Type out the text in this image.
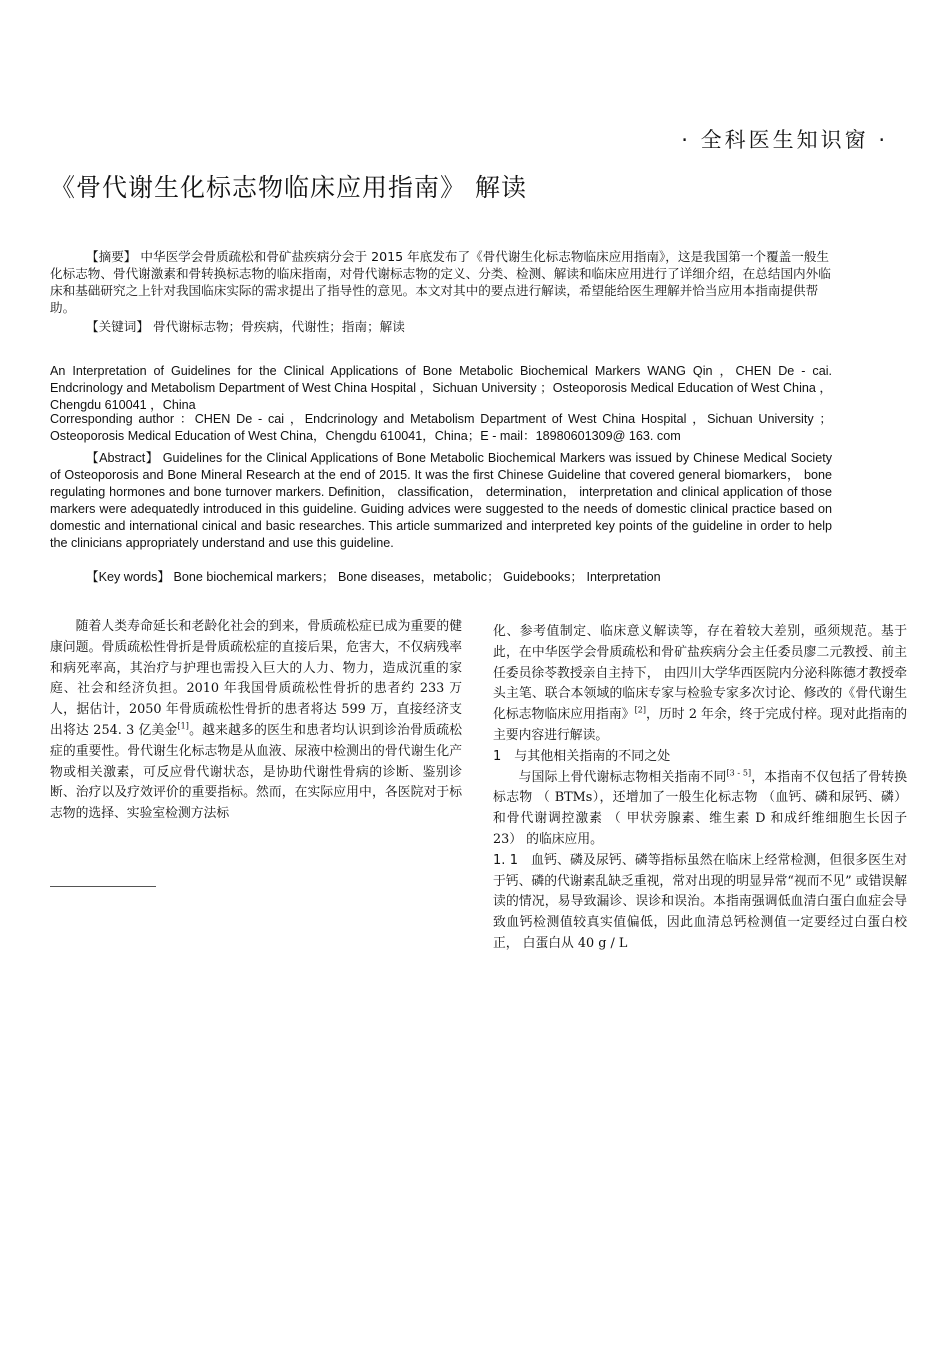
· 全科医生知识窗 ·
《骨代谢生化标志物临床应用指南》 解读
【摘要】 中华医学会骨质疏松和骨矿盐疾病分会于 2015 年底发布了《骨代谢生化标志物临床应用指南》，这是我国第一个覆盖一般生化标志物、骨代谢激素和骨转换标志物的临床指南，对骨代谢标志物的定义、分类、检测、解读和临床应用进行了详细介绍，在总结国内外临床和基础研究之上针对我国临床实际的需求提出了指导性的意见。本文对其中的要点进行解读，希望能给医生理解并恰当应用本指南提供帮助。
【关键词】 骨代谢标志物；骨疾病，代谢性；指南；解读
An Interpretation of Guidelines for the Clinical Applications of Bone Metabolic Biochemical Markers WANG Qin ，CHEN De - cai. Endcrinology and Metabolism Department of West China Hospital ，Sichuan University ；Osteoporosis Medical Education of West China ，Chengdu 610041 ，China
Corresponding author ：CHEN De - cai ，Endcrinology and Metabolism Department of West China Hospital ，Sichuan University ；Osteoporosis Medical Education of West China，Chengdu 610041，China；E - mail：18980601309@ 163. com
【Abstract】 Guidelines for the Clinical Applications of Bone Metabolic Biochemical Markers was issued by Chinese Medical Society of Osteoporosis and Bone Mineral Research at the end of 2015. It was the first Chinese Guideline that covered general biomarkers， bone regulating hormones and bone turnover markers. Definition， classification， determination， interpretation and clinical application of those markers were adequatedly introduced in this guideline. Guiding advices were suggested to the needs of domestic clinical practice based on domestic and international cinical and basic researches. This article summarized and interpreted key points of the guideline in order to help the clinicians appropriately understand and use this guideline.
【Key words】 Bone biochemical markers； Bone diseases，metabolic； Guidebooks； Interpretation
随着人类寿命延长和老龄化社会的到来，骨质疏松症已成为重要的健康问题。骨质疏松性骨折是骨质疏松症的直接后果，危害大，不仅病残率和病死率高，其治疗与护理也需投入巨大的人力、物力，造成沉重的家庭、社会和经济负担。2010 年我国骨质疏松性骨折的患者约 233 万人，据估计，2050 年骨质疏松性骨折的患者将达 599 万，直接经济支出将达 254. 3 亿美金[1]。越来越多的医生和患者均认识到诊治骨质疏松症的重要性。骨代谢生化标志物是从血液、尿液中检测出的骨代谢生化产物或相关激素，可反应骨代谢状态，是协助代谢性骨病的诊断、鉴别诊断、治疗以及疗效评价的重要指标。然而，在实际应用中，各医院对于标志物的选择、实验室检测方法标

化、参考值制定、临床意义解读等，存在着较大差别，亟须规范。基于此，在中华医学会骨质疏松和骨矿盐疾病分会主任委员廖二元教授、前主任委员徐苓教授亲自主持下， 由四川大学华西医院内分泌科陈德才教授牵头主笔、联合本领域的临床专家与检验专家多次讨论、修改的《骨代谢生化标志物临床应用指南》[2]，历时 2 年余，终于完成付梓。现对此指南的主要内容进行解读。

1　与其他相关指南的不同之处

与国际上骨代谢标志物相关指南不同[3 - 5]，本指南不仅包括了骨转换标志物 （ BTMs），还增加了一般生化标志物 （血钙、磷和尿钙、磷） 和骨代谢调控激素 （ 甲状旁腺素、维生素 D 和成纤维细胞生长因子 23） 的临床应用。

1. 1　 血钙、磷及尿钙、磷等指标虽然在临床上经常检测，但很多医生对于钙、磷的代谢素乱缺乏重视，常对出现的明显异常“视而不见” 或错误解读的情况，易导致漏诊、误诊和误治。本指南强调低血清白蛋白血症会导致血钙检测值较真实值偏低，因此血清总钙检测值一定要经过白蛋白校正， 白蛋白从 40 g / L
